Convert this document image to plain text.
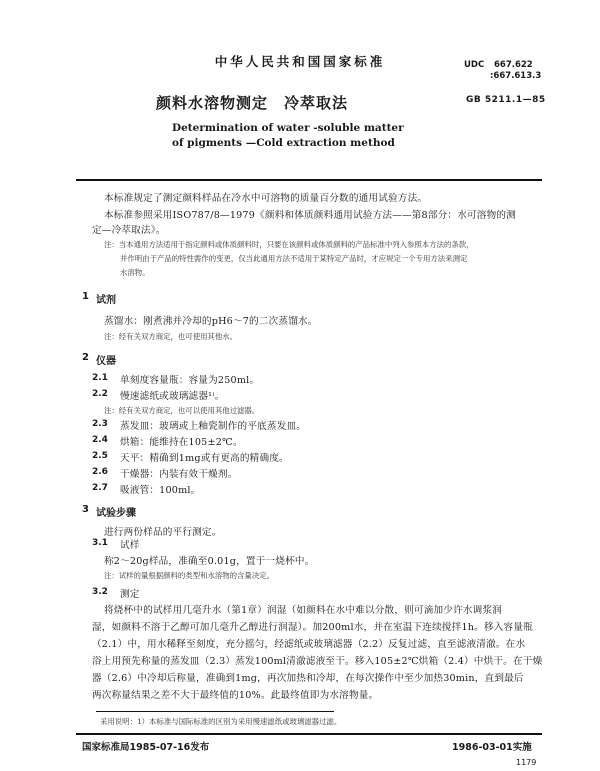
中华人民共和国国家标准	UDC 667.622
:667.613.3
颜料水溶物测定　冷萃取法	GB 5211.1—85
Determination of water -soluble matter
of pigments —Cold extraction method
本标准规定了测定颜料样品在冷水中可溶物的质量百分数的通用试验方法。
本标准参照采用ISO787/8—1979《颜料和体质颜料通用试验方法——第8部分：水可溶物的测
定—冷萃取法》。
注：当本通用方法适用于指定颜料或体质颜料时，只要在该颜料或体质颜料的产品标准中列入参照本方法的条款，
并作明由于产品的特性需作的变更，仅当此通用方法不适用于某特定产品时，才应规定一个专用方法来测定
水溶物。
1 试剂
蒸馏水：刚煮沸并冷却的pH6～7的二次蒸馏水。
注：经有关双方商定，也可使用其他水。
2 仪器
2.1 单刻度容量瓶：容量为250ml。
2.2 慢速滤纸或玻璃滤器¹⁾。
注：经有关双方商定，也可以使用其他过滤器。
2.3 蒸发皿：玻璃或上釉瓷制作的平底蒸发皿。
2.4 烘箱：能维持在105±2℃。
2.5 天平：精确到1mg或有更高的精确度。
2.6 干燥器：内装有效干燥剂。
2.7 吸液管：100ml。
3 试验步骤
进行两份样品的平行测定。
3.1 试样
称2～20g样品，准确至0.01g，置于一烧杯中。
注：试样的量根据颜料的类型和水溶物的含量决定。
3.2 测定
将烧杯中的试样用几毫升水（第1章）润湿（如颜料在水中难以分散，则可滴加少许水调浆润
湿，如颜料不溶于乙醇可加几毫升乙醇进行润湿）。加200ml水，并在室温下连续搅拌1h。移入容量瓶
（2.1）中，用水稀释至刻度，充分摇匀，经滤纸或玻璃滤器（2.2）反复过滤，直至滤液清澈。在水
浴上用预先称量的蒸发皿（2.3）蒸发100ml清澈滤液至干。移入105±2℃烘箱（2.4）中烘干。在干燥
器（2.6）中冷却后称量，准确到1mg，再次加热和冷却，在每次操作中至少加热30min，直到最后
两次称量结果之差不大于最终值的10%。此最终值即为水溶物量。
采用说明：1）本标准与国际标准的区别为采用慢速滤纸或玻璃滤器过滤。
国家标准局1985-07-16发布	1986-03-01实施
1179
